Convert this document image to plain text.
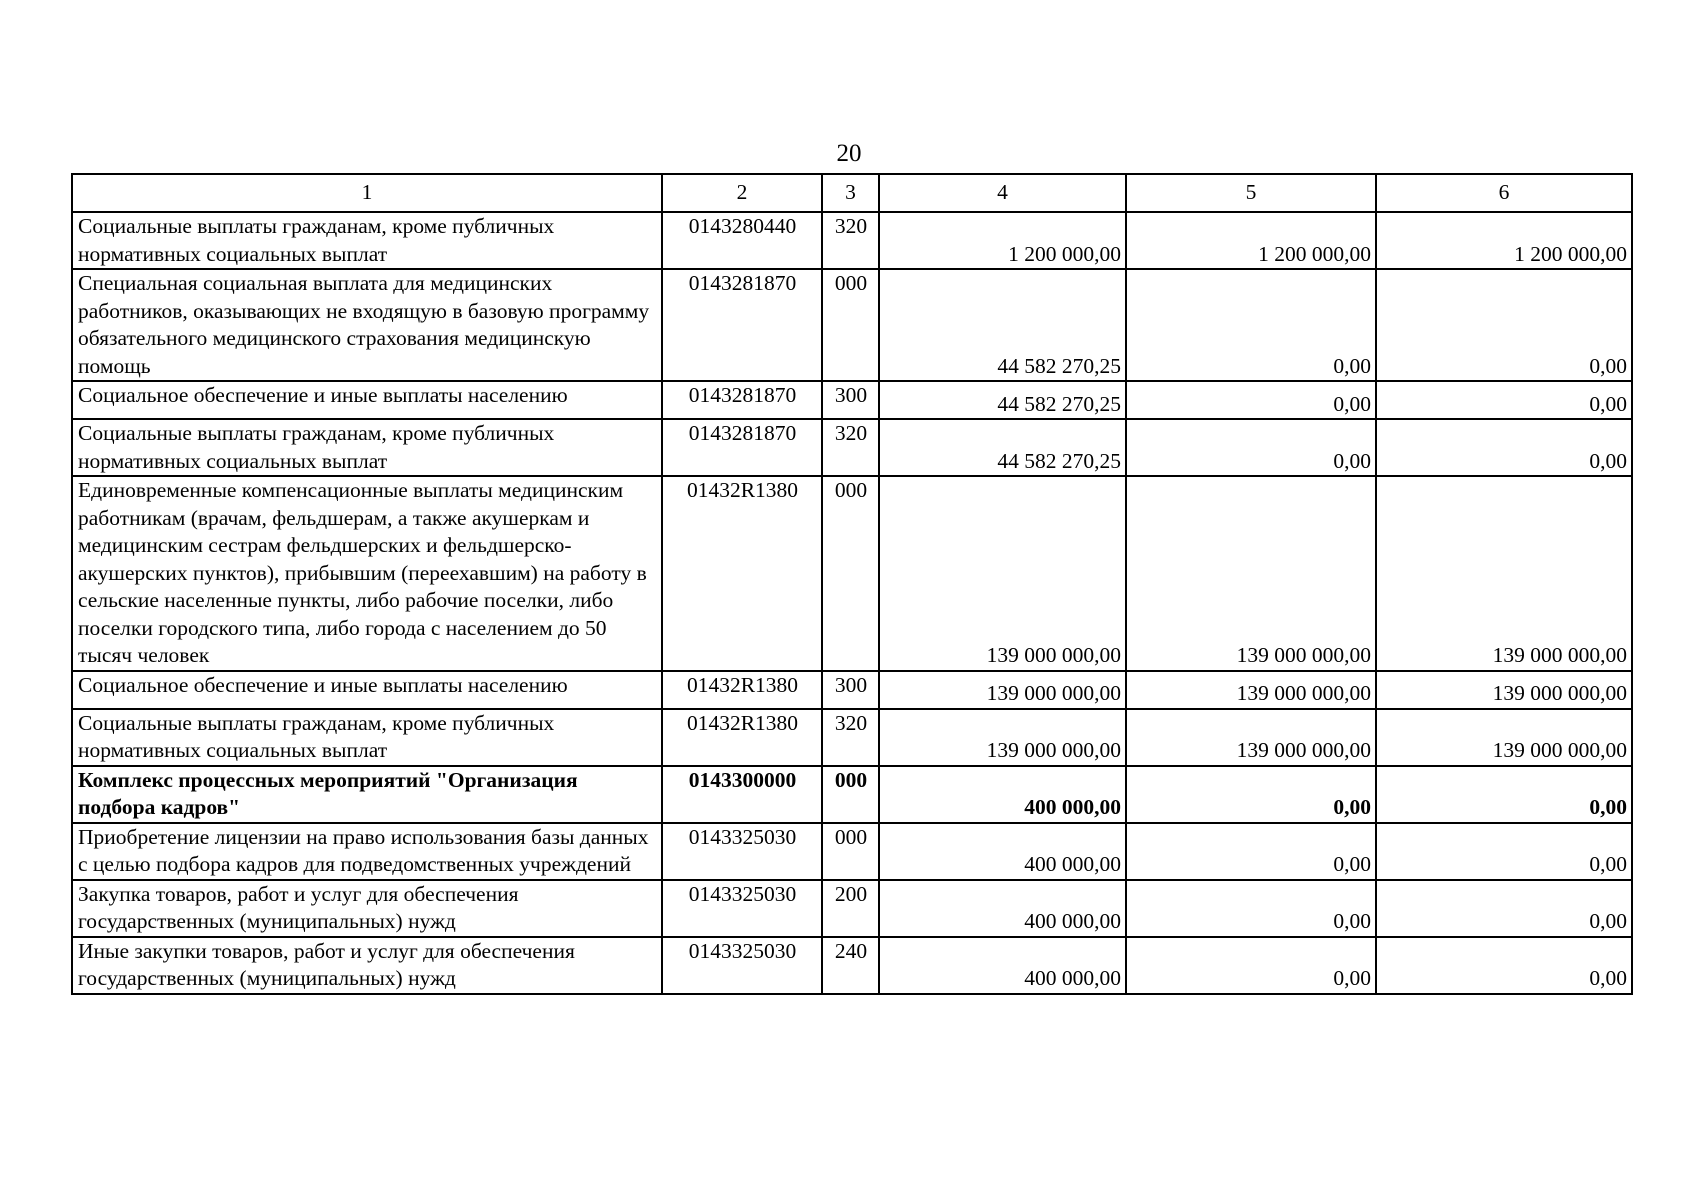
20
1	2	3	4	5	6
Социальные выплаты гражданам, кроме публичных нормативных социальных выплат	0143280440	320	1 200 000,00	1 200 000,00	1 200 000,00
Специальная социальная выплата для медицинских работников, оказывающих не входящую в базовую программу обязательного медицинского страхования медицинскую помощь	0143281870	000	44 582 270,25	0,00	0,00
Социальное обеспечение и иные выплаты населению	0143281870	300	44 582 270,25	0,00	0,00
Социальные выплаты гражданам, кроме публичных нормативных социальных выплат	0143281870	320	44 582 270,25	0,00	0,00
Единовременные компенсационные выплаты медицинским работникам (врачам, фельдшерам, а также акушеркам и медицинским сестрам фельдшерских и фельдшерско-акушерских пунктов), прибывшим (переехавшим) на работу в сельские населенные пункты, либо рабочие поселки, либо поселки городского типа, либо города с населением до 50 тысяч человек	01432R1380	000	139 000 000,00	139 000 000,00	139 000 000,00
Социальное обеспечение и иные выплаты населению	01432R1380	300	139 000 000,00	139 000 000,00	139 000 000,00
Социальные выплаты гражданам, кроме публичных нормативных социальных выплат	01432R1380	320	139 000 000,00	139 000 000,00	139 000 000,00
Комплекс процессных мероприятий "Организация подбора кадров"	0143300000	000	400 000,00	0,00	0,00
Приобретение лицензии на право использования базы данных с целью подбора кадров для подведомственных учреждений	0143325030	000	400 000,00	0,00	0,00
Закупка товаров, работ и услуг для обеспечения государственных (муниципальных) нужд	0143325030	200	400 000,00	0,00	0,00
Иные закупки товаров, работ и услуг для обеспечения государственных (муниципальных) нужд	0143325030	240	400 000,00	0,00	0,00
